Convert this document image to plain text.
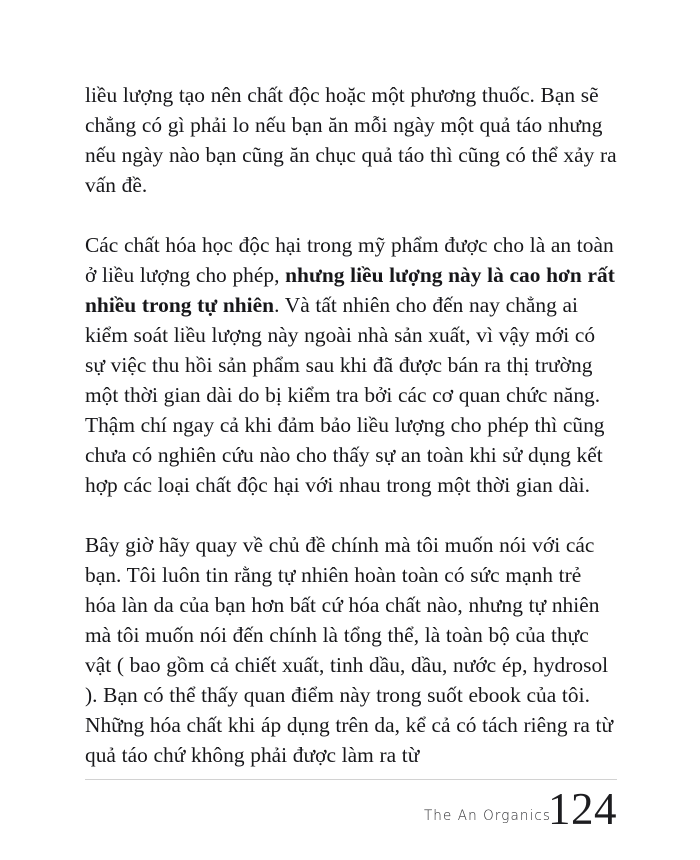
liều lượng tạo nên chất độc hoặc một phương thuốc. Bạn sẽ chẳng có gì phải lo nếu bạn ăn mỗi ngày một quả táo nhưng nếu ngày nào bạn cũng ăn chục quả táo thì cũng có thể xảy ra vấn đề.

Các chất hóa học độc hại trong mỹ phẩm được cho là an toàn ở liều lượng cho phép, nhưng liều lượng này là cao hơn rất nhiều trong tự nhiên. Và tất nhiên cho đến nay chẳng ai kiểm soát liều lượng này ngoài nhà sản xuất, vì vậy mới có sự việc thu hồi sản phẩm sau khi đã được bán ra thị trường một thời gian dài do bị kiểm tra bởi các cơ quan chức năng. Thậm chí ngay cả khi đảm bảo liều lượng cho phép thì cũng chưa có nghiên cứu nào cho thấy sự an toàn khi sử dụng kết hợp các loại chất độc hại với nhau trong một thời gian dài.

Bây giờ hãy quay về chủ đề chính mà tôi muốn nói với các bạn. Tôi luôn tin rằng tự nhiên hoàn toàn có sức mạnh trẻ hóa làn da của bạn hơn bất cứ hóa chất nào, nhưng tự nhiên mà tôi muốn nói đến chính là tổng thể, là toàn bộ của thực vật ( bao gồm cả chiết xuất, tinh dầu, dầu, nước ép, hydrosol ). Bạn có thể thấy quan điểm này trong suốt ebook của tôi. Những hóa chất khi áp dụng trên da, kể cả có tách riêng ra từ quả táo chứ không phải được làm ra từ

The An Organics
124
